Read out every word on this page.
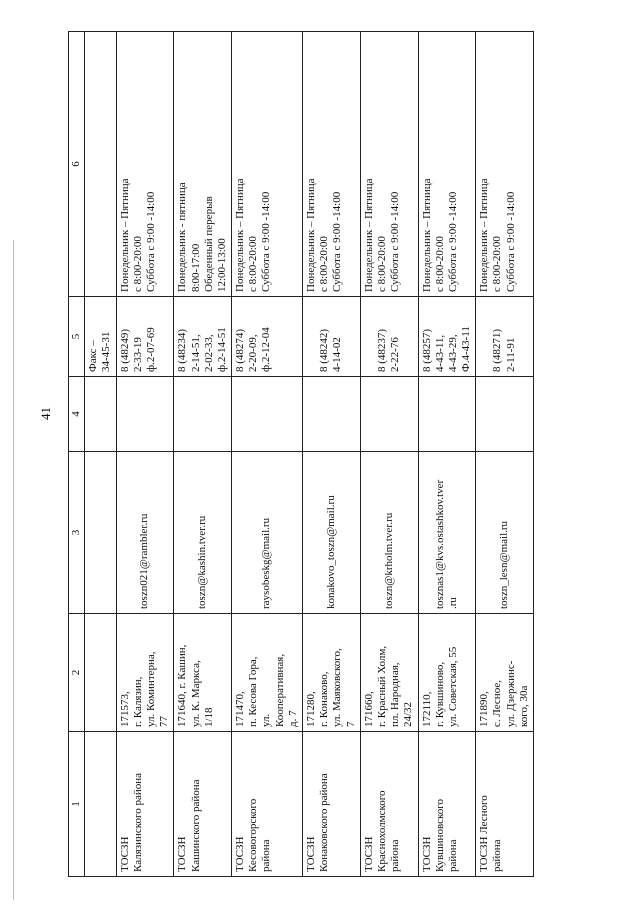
41
1	2	3	4	5	6
				Факс –
34-45-31	
ТОСЗН
Калязинского района	171573,
г. Калязин,
ул. Коминтерна,
77	toszn021@rambler.ru		8 (48249)
2-33-19
ф.2-07-69	Понедельник – Пятница
с 8:00-20:00
Суббота с 9:00 -14:00
ТОСЗН
Кашинского района	171640, г. Кашин,
ул. К. Маркса,
1/18	toszn@kashin.tver.ru		8 (48234)
2-14-51,
2-02-33,
ф.2-14-51	Понедельник - пятница
8:00-17:00
Обеденный перерыв
12:00-13:00
ТОСЗН
Кесовогорского
района	171470,
п. Кесова Гора,
ул.
Кооперативная,
д. 7	raysobeskg@mail.ru		8 (48274)
2-20-09,
ф.2-12-04	Понедельник – Пятница
с 8:00-20:00
Суббота с 9:00 -14:00
ТОСЗН
Конаковского района	171280,
г. Конаково,
ул. Маяковского,
7	konakovo_toszn@mail.ru		8 (48242)
4-14-02	Понедельник – Пятница
с 8:00-20:00
Суббота с 9:00 -14:00
ТОСЗН
Краснохолмского
района	171660,
г. Красный Холм,
пл. Народная,
24/32	toszn@krholm.tver.ru		8 (48237)
2-22-76	Понедельник – Пятница
с 8:00-20:00
Суббота с 9:00 -14:00
ТОСЗН
Кувшиновского
района	172110,
г. Кувшиново,
ул. Советская, 55	tosznas1@kvs.ostashkov.tver
.ru		8 (48257)
4-43-11,
4-43-29,
Ф.4-43-11	Понедельник – Пятница
с 8:00-20:00
Суббота с 9:00 -14:00
ТОСЗН Лесного
района	171890,
с. Лесное,
ул. Дзержинс-
кого, 30а	toszn_lesn@mail.ru		8 (48271)
2-11-91	Понедельник – Пятница
с 8:00-20:00
Суббота с 9:00 -14:00
